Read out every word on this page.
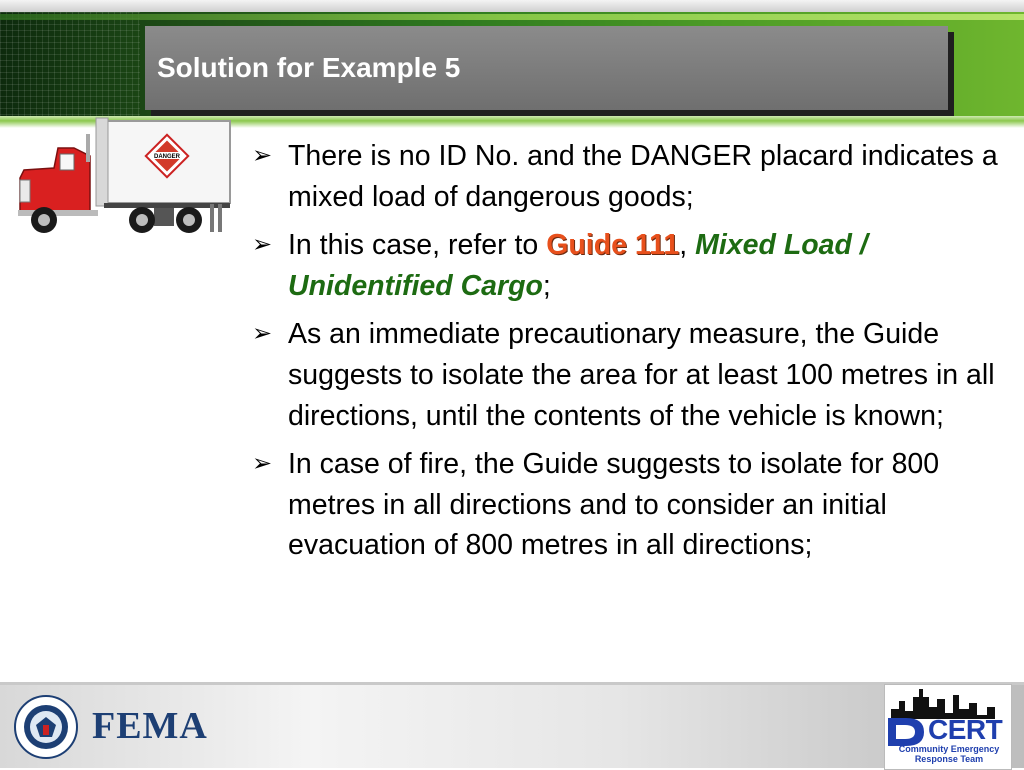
Solution for Example 5
DANGER	➢ There is no ID No. and the DANGER placard indicates a mixed load of dangerous goods;
➢ In this case, refer to Guide 111, Mixed Load / Unidentified Cargo;
➢ As an immediate precautionary measure, the Guide suggests to isolate the area for at least 100 metres in all directions, until the contents of the vehicle is known;
➢ In case of fire, the Guide suggests to isolate for 800 metres in all directions and to consider an initial evacuation of 800 metres in all directions;
FEMA	CERT
Community Emergency
Response Team
